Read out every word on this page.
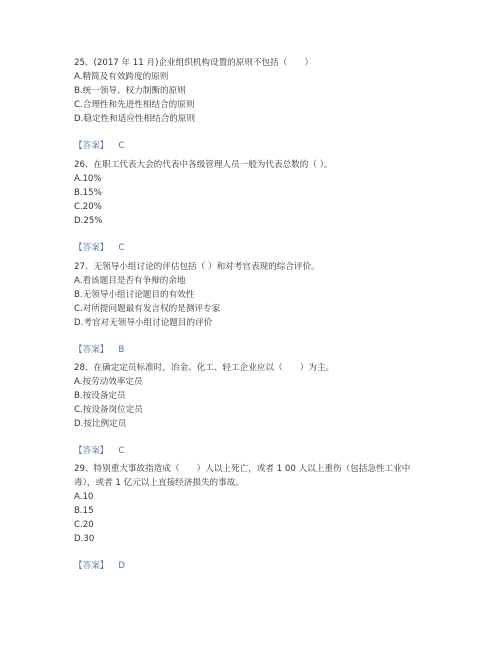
25、(2017 年 11 月)企业组织机构设置的原则不包括（　　）
A.精简及有效跨度的原则
B.统一领导、权力制衡的原则
C.合理性和先进性相结合的原则
D.稳定性和适应性相结合的原则
【答案】 C
26、在职工代表大会的代表中各级管理人员一般为代表总数的（ ）。
A.10%
B.15%
C.20%
D.25%
【答案】 C
27、无领导小组讨论的评估包括（ ）和对考官表现的综合评价。
A.看该题目是否有争辩的余地
B.无领导小组讨论题目的有效性
C.对所提问题最有发言权的是测评专家
D.考官对无领导小组讨论题目的评价
【答案】 B
28、在确定定员标准时，冶金、化工、轻工企业应以（　　）为主。
A.按劳动效率定员
B.按设备定员
C.按设备岗位定员
D.按比例定员
【答案】 C
29、特别重大事故指造成（　　）人以上死亡，或者 1 00 人以上重伤（包括急性工业中
毒），或者 1 亿元以上直接经济损失的事故。
A.10
B.15
C.20
D.30
【答案】 D
